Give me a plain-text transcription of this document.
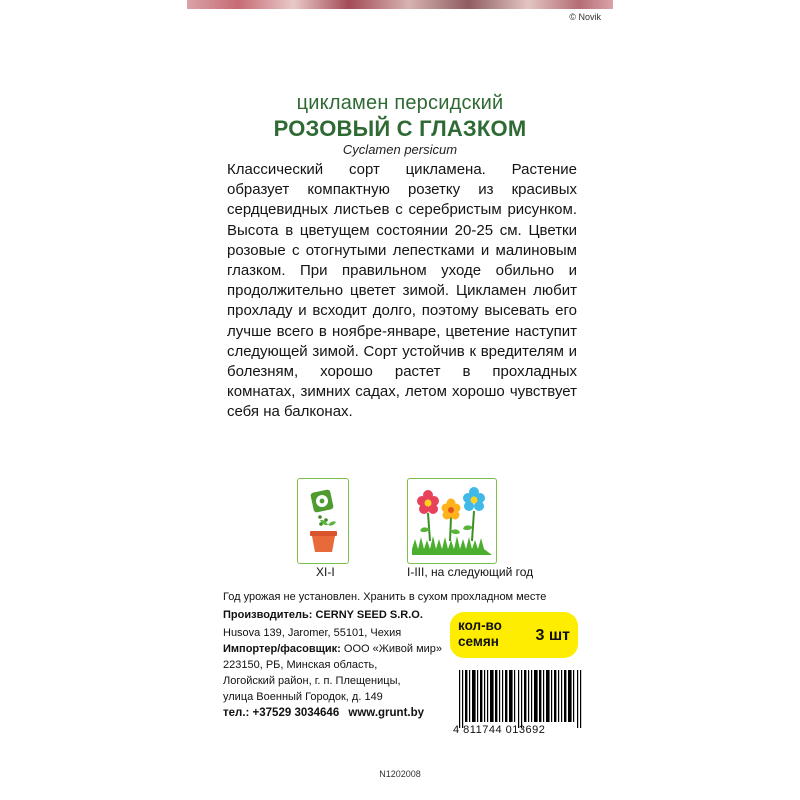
© Novik
цикламен персидский
РОЗОВЫЙ С ГЛАЗКОМ
Cyclamen persicum
Классический сорт цикламена. Растение образует компактную розетку из красивых сердцевидных листьев с серебристым рисунком. Высота в цветущем состоянии 20-25 см. Цветки розовые с отогнутыми лепестками и малиновым глазком. При правильном уходе обильно и продолжительно цветет зимой. Цикламен любит прохладу и всходит долго, поэтому высевать его лучше всего в ноябре-январе, цветение наступит следующей зимой. Сорт устойчив к вредителям и болезням, хорошо растет в прохладных комнатах, зимних садах, летом хорошо чувствует себя на балконах.
XI-I	I-III, на следующий год
Год урожая не установлен. Хранить в сухом прохладном месте
Производитель: CERNY SEED S.R.O.
Husova 139, Jaromer, 55101, Чехия
Импортер/фасовщик: ООО «Живой мир»
223150, РБ, Минская область,
Логойский район, г. п. Плещеницы,
улица Военный Городок, д. 149
тел.: +37529 3034646 www.grunt.by
кол-во
семян 3 шт
4 811744 013692
N1202008
